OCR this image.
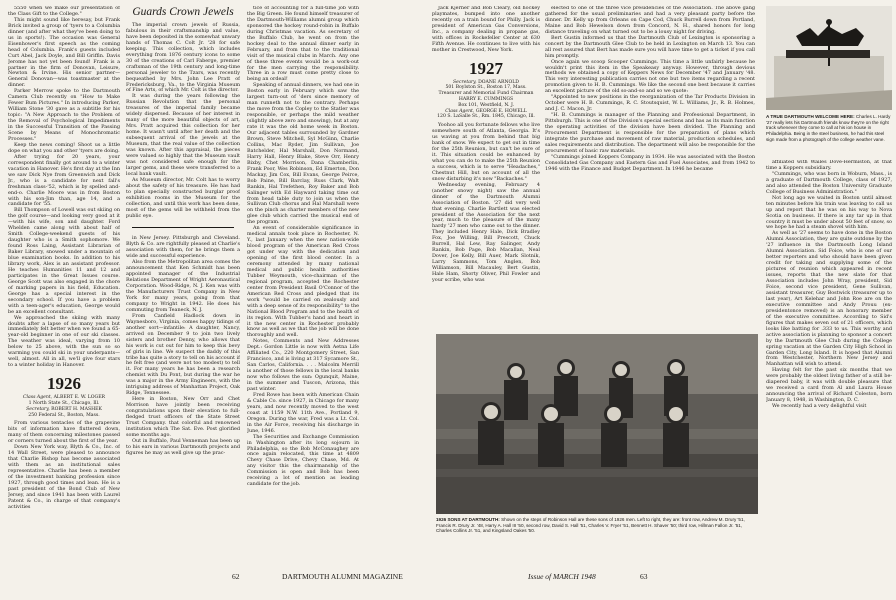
5550 when we make our presentation of the Class Gift to the College."

This might sound like heresay, but Frank Brick invited a group of 'tyers to a Columbia dinner (and after what they've been doing to us in sports!). The occasion was General Eisenhower's first speech as the coming head of Columbia. Frank's guests included Curt Abel, Jack Doyle, and Bill Griffin. Davis Jerome has not yet been found! Frank is a partner in the firm of Donovan, Leisure, Newton & Irvine. His senior partner—General Donovan—was toastmaster at the dinner.

Parker Merrow spoke to the Dartmouth Camera Club recently on "How to Make Fewer Bum Pictures." In introducing Parker, William Stone '30 gave as a subtitle for his topic: "A New Approach to the Problem of the Removal of Psychological Impediments in the Successful Transition of the Passing Scene by Means of Monochromatic Processes."

Keep the news coming! Shoot us a little dope on what you and other 'tyers are doing.

After trying for 20 years, your correspondent finally got around to a winter vacation in Hanover. He's first day at the Inn we saw Dick Nye from Greenwich and Dick Jr., who is a candidate for next fall's freshman class-'52, which is by spelled and-end-o. Charlie Moore was in from Boston with his son-Jim than, age 14, and a candidate for '55.

Bill Thompson of Lowell was out skiing on the golf course—and looking very good at it—with his wife, son and daughter. Ford Whelden came along with about half of Smith College-weekend guests of his daughter who is a Smith sophomore. We found Ross Laing, Assistant Librarian of Baker Library, snowed under a mountain of blue examination books. In addition to his library work, Alex is an assistant professor. He teaches Humanities 11 and 12 and participates in the Great Issues course. George Scott was also engaged in the chore of marking papers in his field, Education. George has a special interest in the secondary school. If you have a problem with a teen-ager's education, George would be an excellent consultant.

We approached the skiing with many doubts after a lapse of so many years but immediately felt better when we found a 65-year-old beginner in one of our ski classes. The weather was ideal, varying from 10 below to 25 above, with the sun so so warming you could ski in your underpants—well, almost. All in all, we'll give four stars to a winter holiday in Hanover.

1926
Class Agent, ALBERT E. W. LOGER
1 North State St., Chicago, Ill.
Secretary, ROBERT H. MASHEK
250 Federal St., Boston, Mass.

From various tentacles of the grapevine bits of information have fluttered down, many of them concerning milestones passed or corners turned about the first of the year.

Down New York way, Blyth & Co., Inc. of 14 Wall Street, were pleased to announce that Charlie Bishop has become associated with them as an institutional sales representative. Charlie has been a member of the investment banking profession since 1927, through good times and lean. He is a past president of the Bond Club of New Jersey, and since 1941 has been with Laurel Patent & Co., in charge of that company's activities

Guards Crown Jewels

The imperial crown jewels of Russia, fabulous in their craftsmanship and value, have been deposited in the somewhat unwary hands of Thomas C. Colt Jr. '28 for safe keeping. This collection, which includes everything from 1876 century icons to some 30 of the creations of Carl Faberge, premier craftsman of the 19th century and long-time personal jeweler to the Tzars, was recently bequeathed by Mrs. John Lee Pratt of Fredericksburg, Va., to the Virginia Museum of Fine Arts, of which Mr. Colt is the director.

It was during the years following the Russian Revolution that the personal treasures of the imperial family became widely dispersed. Because of her interest in many of the more beautiful objects of art, Mrs. Pratt acquired this collection for her home. It wasn't until after her death and the subsequent arrival of the jewels at the Museum, that the real value of the collection was known. After this appraisal, the pieces were valued so highly that the Museum vault was not considered safe enough for the larger gems, and these were transferred to a local bank vault.

As Museum director, Mr. Colt has to worry about the safety of his treasure. He has had to plan specially constructed burglar proof exhibition rooms in the Museum for the collection, and until this work has been done, most of the gems will be withheld from the public eye.

in New Jersey. Pittsburgh and Cleveland. Blyth & Co. are rightfully pleased at Charlie's association with them, for he brings them a wide and successful experience.

Also from the Metropolitan area comes the announcement that Ken Schmidt has been appointed manager of the Industrial Relations Department of Wright Aeronautical Corporation. Wood-Ridge, N. J. Ken was with the Manufacturers Trust Company in New York for many years, going from that company to Wright in 1942. He does his commuting from Teaneck, N. J.

From Canfield Hadlock down in Waynesboro, Virginia, comes happy tidings of another sort—infantile: A daughter, Nancy, arrived on December 9 to join two lively sisters and brother Denny, who allows that his work is cut out for him to keep this bevy of girls in line. We suspect the daddy of this tribe has quite a story to tell on his account if he felt free (and were not too modest) to tell it. For many years he has been a research chemist with Du Pont, but during the war he was a major in the Army Engineers, with the intriguing address of Manhattan Project, Oak Ridge, Tennessee.

Here in Boston, New Orr and Chet Morrison have jointly been receiving congratulations upon their elevation to full-fledged trust officers of the State Street Trust Company. that colorful and renowned institution which The Sat. Eve. Post glorified some months ago.

Out in Buffalo, Paul Venneman has been up to his ears in various Dartmouth projects and figures he may as well give up the prac-

tice of accounting for a full-time job with the Big Green. He found himself treasurer of the Dartmouth-Williams alumni group which sponsored the hockey round-robin in Buffalo during Christmas vacation. As secretary of the Buffalo Club, he went on from the hockey deal to the annual dinner early in February, and from that to the traditional visit of the musical clubs in March. Any one of these three events would be a work-out for the men carrying the responsibility. Three in a row must come pretty close to being an ordeal!

Speaking of annual dinners, we had one in Boston early in February which saw the largest turn-out of 'ders since memory of man runneth not to the contrary. Perhaps the move from the Copley to the Statler was responsible, or perhaps the mild weather (slightly above zero and snowing), but at any rate it was the old home week in Boston. Our adjacent tables surrounded by Gardner Brown, Steve Mitchell, Syl McGinn, Charlie Collins, Mac Ryder, Jim Sullivan, Joe Batchelder, Hal Marshall, Don Normand, Harry Hall, Henry Blake, Steve Orr, Henry Bixby, Chet Morrison, Dana Chamberlin, Frank Poor, Wes Robinson, Ed Emerton, Don Mackay, Jim Cox, Bill Evans, George Peirce, Bob Paine, Bill Barclay, Russ Clark, Walt Rankin, Hal Trefethen, Roy Baker and Bob Salinger with Ed Hayward taking time out from head table duty to join us when the Sullivan Club chorus and Hal Marshall were on the pinch as charter members of the new glee club which carried the musical end of the program.

An event of considerable significance in medical annals took place in Rochester, N. Y., last January when the new nation-wide blood program of the American Red Cross got under way with the dedication and opening of the first blood center. In a ceremony attended by many national medical and public health authorities Tubber Weymouth, vice-chairman of the regional program, accepted the Rochester center from President Basil O'Connor of the American Red Cross and pledged that its work "would be carried on zealously and with a deep sense of its responsibility" to the National Blood Program and to the health of its region. With Tubber's hand and heart in it the new center in Rochester probably know as well as we that the job will be done thoroughly and well.

Notes, Comments and New Addresses Dept.: Gordon Little is now with Aetna Life Affiliated Co., 220 Montgomery Street, San Francisco, and is living at 317 Sycamore St., San Carlos, California. . . . Malcolm Merrill is another of those fellows in the local banks now who follows the sun: Ogunquit, Maine, in the summer and Tuscon, Arizona, this past winter.

Fred Rowe has been with American Chain & Cable Co. since 1927, in Chicago for many years, and now recently moved to the west coast at 1159 N.W. 11th Ave., Portland 9, Oregon. During the war, Fred was a Lt. Col. in the Air Force, receiving his discharge in June, 1946.

The Securities and Exchange Commission in Washington after its long sojourn in Philadelphia, so the Bob McConaughey are once again relocated, this time at 4809 Chevy Chase Drive, Chevy Chase, Md. At any visitor this the chairmanship of the Commission is open and Bob has been receiving a lot of mention as leading candidate for the job.

Jack Kjerner and Bob Cleary, old hockey playmates, bumped into one another recently on a train bound for Philly. Jack is president of American Gas Conversions, Inc., a company dealing in propane gas, with offices in Rockefeller Center at 630 Fifth Avenue. He continues to live with his mother in Crestwood, New York.

1927
Secretary, DOANE ARNOLD
501 Boylston St., Boston 17, Mass.
Treasurer and Memorial Fund Chairman
HARRY E. CUMMINGS
Box 101, Westfield, N. J.
Class Agent, GEORGE E. HOWELL
120 S. LaSalle St., Rm. 1845, Chicago, Ill.

Yoohoo all you fortunate fellows who live somewhere south of Atlanta, Georgia. It's us waving at you from behind that big bank of snow. We expect to get out in time for the 25th Reunion, but can't be sure of it. This situation could be enhanced by what you can do to make the 25th Reunion a success, which is to serve "Headaches," Chestnut Hill, but on account of all the snow disturbing it's now "Backaches."

Wednesday evening, February 4 (another snowy night) saw the annual dinner of the Dartmouth Alumni Association of Boston. '27 did very well that evening. Charlie Bartlett was elected president of the Association for the next year, much to the pleasure of the many hardy '27 men who came out to the dinner. They included Henry Hale, Dick Bradley Fox, Joe Willing, Bill Prescott, Chuck Burrell, Hal Lew, Ray Salinger, Andy Rankin, Bob Page, Bob Macallan, Neal Dover, Joe Kelly, Bill Auer, Mark Slotnik, Larry Sammons, Tom Anglen, Bob Williamson, Bill Macauley, Bert Gustin, Hale Ham, Shorty Oliver, Phil Fowler and your scribe, who was

elected to one of the three vice presidencies of the Association. The above gang gathered for the usual preliminaries and had a very pleasant party before the dinner. Dr. Kelly up from Orleans on Cape Cod, Chuck Burrell down from Portland, Maine and Bob Hewelson down from Concord, N. H., shared honors for long distance traveling on what turned out to be a lousy night for driving.

Bert Gustin informed us that the Dartmouth Club of Lexington is sponsoring a concert by the Dartmouth Glee Club to be held in Lexington on March 13. You can all rest assured that Bert has made sure you will have time to get a ticket if you call him promptly.

Once again we scoop Scooper Cummings. This time a little unfairly because he wouldn't print this item in the Speakeasy anyway. However, through devious methods we obtained a copy of Keppers News for December '47 and January '48. This very interesting publication carries not one but two items regarding a recent promotion given to H. B. Cummings. We like the second one best because it carries an excellent picture of the old so-and-so and so we quote:

"Appointed to new positions in the reorganization of the Tar Products Division in October were H. B. Cummings, R. C. Stoutsquist, W. L. Williams, Jr., R. B. Holmes, and J. C. Macon, Jr.

"H. B. Cummings is manager of the Planning and Professional Department, in Pittsburgh. This is one of the Division's special sections and has as its main function the operating activities of the division have been divided. The Planning and Procurement Department is responsible for the preparation of plans which integrate the purchase and movement of raw material, production schedules, and sales requirements and distribution. The department will also be responsible for the procurement of basic raw materials.

"Cummings joined Koppers Company in 1934. He was associated with the Boston Consolidated Gas Company and Eastern Gas and Fuel Associates, and from 1942 to 1946 with the Finance and Budget Department. In 1946 he became

A TRUE DARTMOUTH WELCOME HERE: Charles L. Hardy '27 really lets his Dartmouth friends know they're on the right track whenever they come to call at his ion house in Philadelphia. Being in the steel business, he had this steel sign made from a photograph of the college weather vane.

affiliated with Wailes Dove-Hermiston, at that time a Koppers subsidiary.

"Cummings, who was born in Woburn, Mass., is a graduate of Dartmouth College, class of 1927, and also attended the Boston University Graduate College of Business Administration."

Not long ago we waited in Boston until almost ten minutes before his train was leaving to call us up and report that he was on his way to Nova Scotia on business. If there is any tar up in that country it must be under about 50 feet of snow, so we hope he had a steam shovel with him.

As well as '27 seems to have done in the Boston Alumni Association, they are quite outdone by the '27 influence in the Dartmouth Long Island Alumni Association. Sid Foice, who is one of our better reporters and who should have been given credit for taking and supplying some of the pictures of reunion which appeared in recent issues, reports that the new slate for that Association includes John Wray, president, Sid Foice, second vice president, Gene Sullivan, assistant treasurer, Guy Bostwick (treasurer up to last year), Art Kelehar and John Roe are on the executive committee and Andy Prouu (ex-presidentonce removed) is an honorary member of the executive committee. According to Sid's figures that makes seven out of 21 officers, which looks like batting for .333 to us. This worthy and active association is planning to sponsor a concert by the Dartmouth Glee Club during the College spring vacation at the Garden City High School in Garden City, Long Island. It is hoped that Alumni from Westchester, Northern New Jersey and Manhattan will wish to attend.

Having felt for the past six months that we were probably the oldest living father of a still be-diapered baby, it was with double pleasure that we received a card from Al and Laura House announcing the arrival of Richard Coleston, born January 8, 1948, in Washington, D. C.

We recently had a very delightful visit

1926 SONS AT DARTMOUTH: Shown on the steps of Robinson Hall are these sons of 1926 men. Left to right, they are: front row, Andrew M. Drury '51, Francis R. Drury Jr. '48, Harry A. Hall III '50, second row, David S. Hall '51, Charles V. Fryer '51, Bennett H. Shaver '50; third row, Hillman Fallon Jr. '51, Charles Collins Jr. '51, and Kingsland Oakes '50.
62	DARTMOUTH ALUMNI MAGAZINE	Issue of MARCH 1948	63
